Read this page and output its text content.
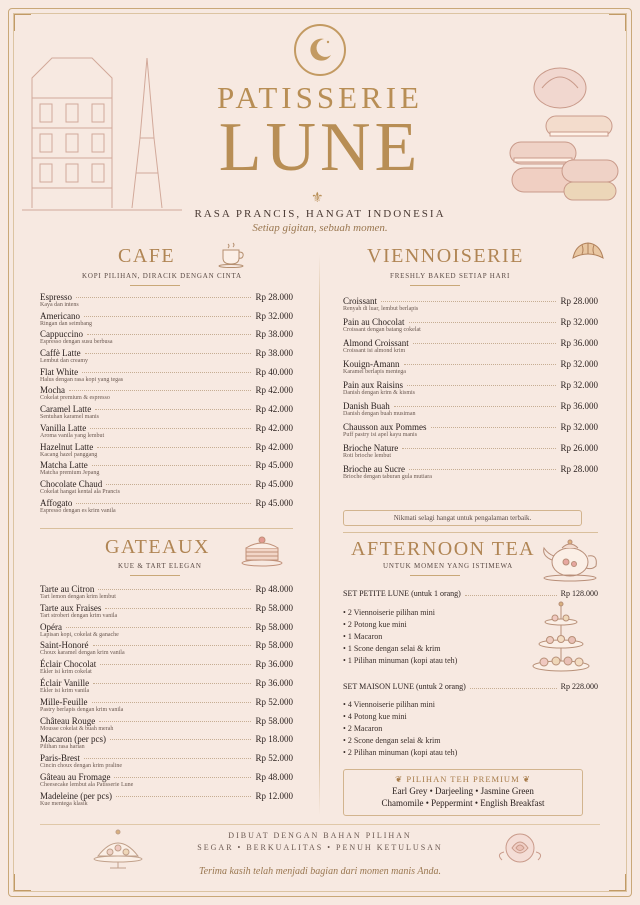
⚜
PATISSERIE
LUNE
RASA PRANCIS, HANGAT INDONESIA
Setiap gigitan, sebuah momen.
CAFE
KOPI PILIHAN, DIRACIK DENGAN CINTA
Espresso	Rp 28.000
Kaya dan intens
Americano	Rp 32.000
Ringan dan seimbang
Cappuccino	Rp 38.000
Espresso dengan susu berbusa
Caffè Latte	Rp 38.000
Lembut dan creamy
Flat White	Rp 40.000
Halus dengan rasa kopi yang tegas
Mocha	Rp 42.000
Cokelat premium & espresso
Caramel Latte	Rp 42.000
Sentuhan karamel manis
Vanilla Latte	Rp 42.000
Aroma vanila yang lembut
Hazelnut Latte	Rp 42.000
Kacang hazel panggang
Matcha Latte	Rp 45.000
Matcha premium Jepang
Chocolate Chaud	Rp 45.000
Cokelat hangat kental ala Prancis
Affogato	Rp 45.000
Espresso dengan es krim vanila
VIENNOISERIE
FRESHLY BAKED SETIAP HARI
Croissant	Rp 28.000
Renyah di luar, lembut berlapis
Pain au Chocolat	Rp 32.000
Croissant dengan batang cokelat
Almond Croissant	Rp 36.000
Croissant isi almond krim
Kouign-Amann	Rp 32.000
Karamel berlapis mentega
Pain aux Raisins	Rp 32.000
Danish dengan krim & kismis
Danish Buah	Rp 36.000
Danish dengan buah musiman
Chausson aux Pommes	Rp 32.000
Puff pastry isi apel kayu manis
Brioche Nature	Rp 26.000
Roti brioche lembut
Brioche au Sucre	Rp 28.000
Brioche dengan taburan gula mutiara
Nikmati selagi hangat untuk pengalaman terbaik.
GATEAUX
KUE & TART ELEGAN
Tarte au Citron	Rp 48.000
Tart lemon dengan krim lembut
Tarte aux Fraises	Rp 58.000
Tart stroberi dengan krim vanila
Opéra	Rp 58.000
Lapisan kopi, cokelat & ganache
Saint-Honoré	Rp 58.000
Choux karamel dengan krim vanila
Éclair Chocolat	Rp 36.000
Ekler isi krim cokelat
Éclair Vanille	Rp 36.000
Ekler isi krim vanila
Mille-Feuille	Rp 52.000
Pastry berlapis dengan krim vanila
Château Rouge	Rp 58.000
Mousse cokelat & buah merah
Macaron (per pcs)	Rp 18.000
Pilihan rasa harian
Paris-Brest	Rp 52.000
Cincin choux dengan krim praline
Gâteau au Fromage	Rp 48.000
Cheesecake lembut ala Patisserie Lune
Madeleine (per pcs)	Rp 12.000
Kue mentega klasik
AFTERNOON TEA
UNTUK MOMEN YANG ISTIMEWA
SET PETITE LUNE (untuk 1 orang)	Rp 128.000
• 2 Viennoiserie pilihan mini
• 2 Potong kue mini
• 1 Macaron
• 1 Scone dengan selai & krim
• 1 Pilihan minuman (kopi atau teh)
SET MAISON LUNE (untuk 2 orang)	Rp 228.000
• 4 Viennoiserie pilihan mini
• 4 Potong kue mini
• 2 Macaron
• 2 Scone dengan selai & krim
• 2 Pilihan minuman (kopi atau teh)
❦ PILIHAN TEH PREMIUM ❦
Earl Grey • Darjeeling • Jasmine Green
Chamomile • Peppermint • English Breakfast
DIBUAT DENGAN BAHAN PILIHAN
SEGAR • BERKUALITAS • PENUH KETULUSAN
Terima kasih telah menjadi bagian dari momen manis Anda.
